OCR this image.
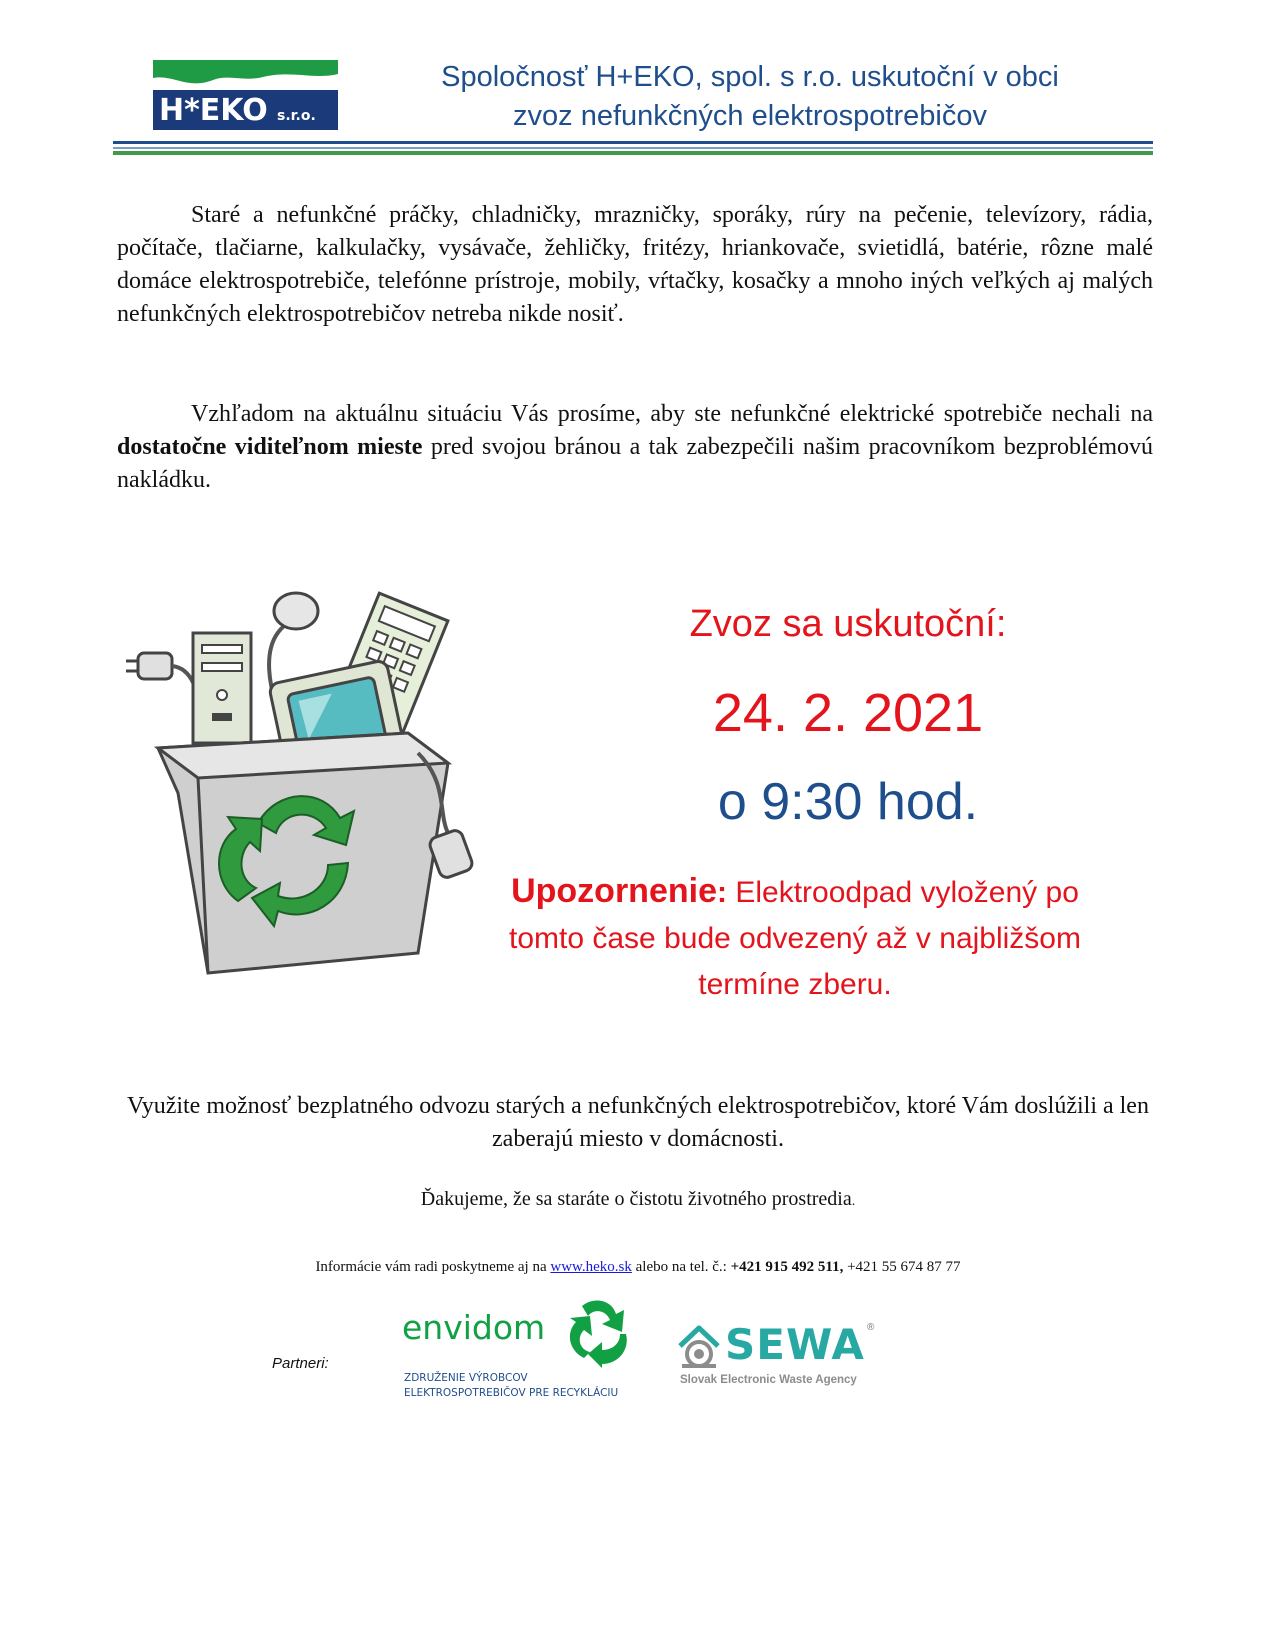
H*EKO s.r.o.
Spoločnosť H+EKO, spol. s r.o. uskutoční v obci
zvoz nefunkčných elektrospotrebičov
Staré a nefunkčné práčky, chladničky, mrazničky, sporáky, rúry na pečenie, televízory, rádia, počítače, tlačiarne, kalkulačky, vysávače, žehličky, fritézy, hriankovače, svietidlá, batérie, rôzne malé domáce elektrospotrebiče, telefónne prístroje, mobily, vŕtačky, kosačky a mnoho iných veľkých aj malých nefunkčných elektrospotrebičov netreba nikde nosiť.
Vzhľadom na aktuálnu situáciu Vás prosíme, aby ste nefunkčné elektrické spotrebiče nechali na dostatočne viditeľnom mieste pred svojou bránou a tak zabezpečili našim pracovníkom bezproblémovú nakládku.
Zvoz sa uskutoční:
24. 2. 2021
o 9:30 hod.
Upozornenie: Elektroodpad vyložený po tomto čase bude odvezený až v najbližšom termíne zberu.
Využite možnosť bezplatného odvozu starých a nefunkčných elektrospotrebičov, ktoré Vám doslúžili a len zaberajú miesto v domácnosti.
Ďakujeme, že sa staráte o čistotu životného prostredia.
Informácie vám radi poskytneme aj na www.heko.sk alebo na tel. č.: +421 915 492 511, +421 55 674 87 77
Partneri:
envidom
ZDRUŽENIE VÝROBCOV
ELEKTROSPOTREBIČOV PRE RECYKLÁCIU
SEWA ®
Slovak Electronic Waste Agency
